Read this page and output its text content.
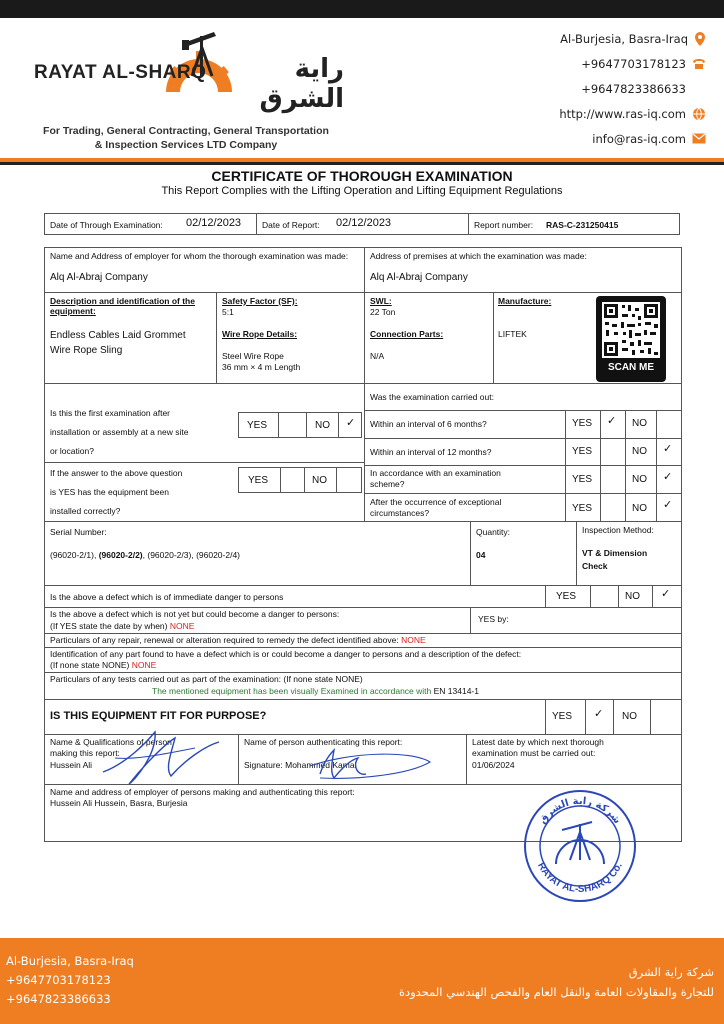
RAYAT AL-SHARQ	راية الشرق
For Trading, General Contracting, General Transportation
& Inspection Services LTD Company
Al-Burjesia, Basra-Iraq
+9647703178123
+9647823386633
http://www.ras-iq.com
info@ras-iq.com
CERTIFICATE OF THOROUGH EXAMINATION
This Report Complies with the Lifting Operation and Lifting Equipment Regulations
Date of Through Examination: 02/12/2023 Date of Report: 02/12/2023	Report number: RAS-C-231250415
Name and Address of employer for whom the thorough examination was made:
Alq Al-Abraj Company
Address of premises at which the examination was made:
Alq Al-Abraj Company
Description and identification of the equipment:
Endless Cables Laid Grommet
Wire Rope Sling
Safety Factor (SF):
5:1
Wire Rope Details:
Steel Wire Rope
36 mm × 4 m Length
SWL:
22 Ton
Connection Parts:
N/A
Manufacture:
LIFTEK
SCAN ME
Is this the first examination after
installation or assembly at a new site
or location?
YES	NO ✓
If the answer to the above question
is YES has the equipment been
installed correctly?
YES	NO
Was the examination carried out:
Within an interval of 6 months?	YES ✓ NO
Within an interval of 12 months?	YES	NO ✓
In accordance with an examination
scheme?	YES	NO ✓
After the occurrence of exceptional
circumstances?	YES	NO ✓
Serial Number:
(96020-2/1), (96020-2/2), (96020-2/3), (96020-2/4)
Quantity:
04
Inspection Method:
VT & Dimension
Check
Is the above a defect which is of immediate danger to persons	YES	NO ✓
Is the above a defect which is not yet but could become a danger to persons:
(If YES state the date by when) NONE
YES by:
Particulars of any repair, renewal or alteration required to remedy the defect identified above: NONE
Identification of any part found to have a defect which is or could become a danger to persons and a description of the defect:
(If none state NONE) NONE
Particulars of any tests carried out as part of the examination: (If none state NONE)
The mentioned equipment has been visually Examined in accordance with EN 13414-1
IS THIS EQUIPMENT FIT FOR PURPOSE?	YES ✓ NO
Name & Qualifications of person
making this report:
Hussein Ali
Name of person authenticating this report:
Signature: Mohammed Kamal
Latest date by which next thorough
examination must be carried out:
01/06/2024
Name and address of employer of persons making and authenticating this report:
Hussein Ali Hussein, Basra, Burjesia
شركة راية الشرق
RAYAT AL-SHARQ Co.
Al-Burjesia, Basra-Iraq
+9647703178123
+9647823386633
شركة راية الشرق
للتجارة والمقاولات العامة والنقل العام والفحص الهندسي المحدودة
